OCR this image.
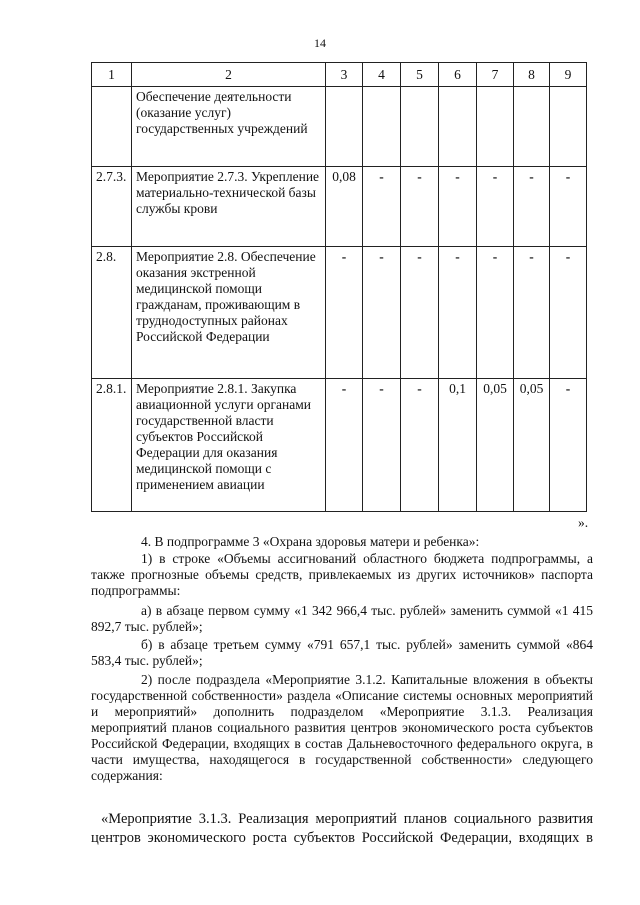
14
1	2	3	4	5	6	7	8	9
	Обеспечение деятельности (оказание услуг) государственных учреждений							
2.7.3.	Мероприятие 2.7.3. Укрепление материально-технической базы службы крови	0,08	-	-	-	-	-	-
2.8.	Мероприятие 2.8. Обеспечение оказания экстренной медицинской помощи гражданам, проживающим в труднодоступных районах Российской Федерации	-	-	-	-	-	-	-
2.8.1.	Мероприятие 2.8.1. Закупка авиационной услуги органами государственной власти субъектов Российской Федерации для оказания медицинской помощи с применением авиации	-	-	-	0,1	0,05	0,05	-
».
4. В подпрограмме 3 «Охрана здоровья матери и ребенка»:
1) в строке «Объемы ассигнований областного бюджета подпрограммы, а также прогнозные объемы средств, привлекаемых из других источников» паспорта подпрограммы:
а) в абзаце первом сумму «1 342 966,4 тыс. рублей» заменить суммой «1 415 892,7 тыс. рублей»;
б) в абзаце третьем сумму «791 657,1 тыс. рублей» заменить суммой «864 583,4 тыс. рублей»;
2) после подраздела «Мероприятие 3.1.2. Капитальные вложения в объекты государственной собственности» раздела «Описание системы основных мероприятий и мероприятий» дополнить подразделом «Мероприятие 3.1.3. Реализация мероприятий планов социального развития центров экономического роста субъектов Российской Федерации, входящих в состав Дальневосточного федерального округа, в части имущества, находящегося в государственной собственности» следующего содержания:
«Мероприятие 3.1.3. Реализация мероприятий планов социального развития центров экономического роста субъектов Российской Федерации, входящих в
